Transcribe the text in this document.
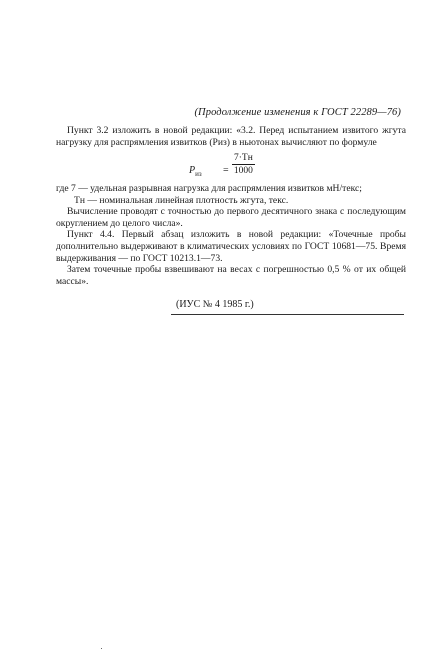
(Продолжение изменения к ГОСТ 22289—76)

Пункт 3.2 изложить в новой редакции: «3.2. Перед испытанием извитого жгута нагрузку для распрямления извитков (Pиз) в ньютонах вычисляют по формуле

$P_{из}$ =
7·Tн
1000

где 7 — удельная разрывная нагрузка для распрямления извитков мН/текс;

Tн — номинальная линейная плотность жгута, текс.

Вычисление проводят с точностью до первого десятичного знака с последующим округлением до целого числа».

Пункт 4.4. Первый абзац изложить в новой редакции: «Точечные пробы дополнительно выдерживают в климатических условиях по ГОСТ 10681—75. Время выдерживания — по ГОСТ 10213.1—73.

Затем точечные пробы взвешивают на весах с погрешностью 0,5 % от их общей массы».

(ИУС № 4 1985 г.)
